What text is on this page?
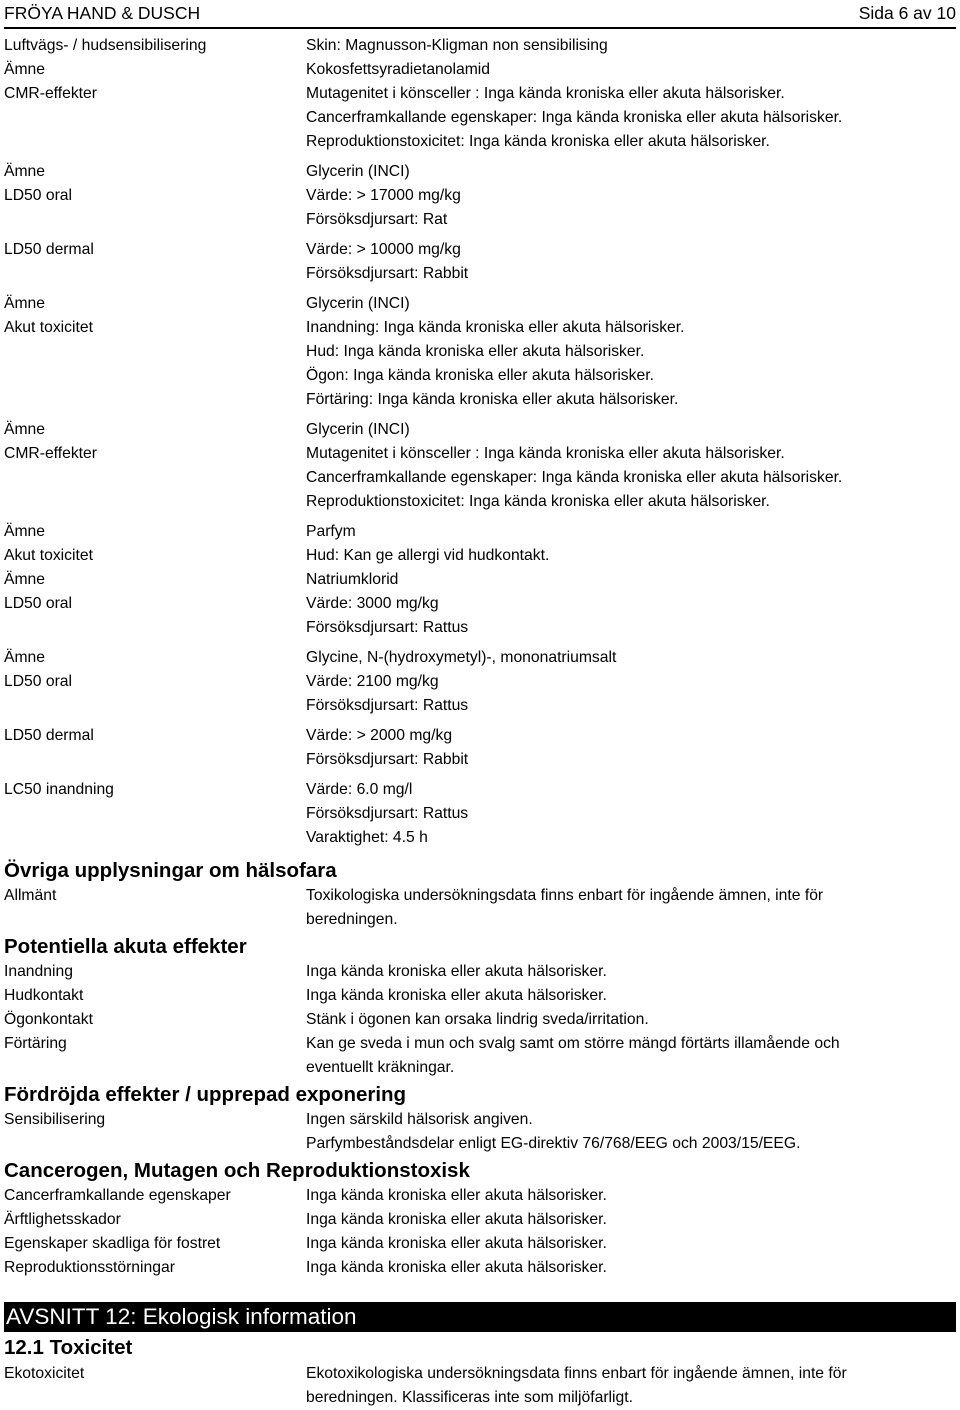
FRÖYA HAND & DUSCH	Sida 6 av 10
Luftvägs- / hudsensibilisering	Skin: Magnusson-Kligman non sensibilising
Ämne	Kokosfettsyradietanolamid
CMR-effekter	Mutagenitet i könsceller : Inga kända kroniska eller akuta hälsorisker.
Cancerframkallande egenskaper: Inga kända kroniska eller akuta hälsorisker.
Reproduktionstoxicitet: Inga kända kroniska eller akuta hälsorisker.
Ämne	Glycerin (INCI)
LD50 oral	Värde: > 17000 mg/kg
Försöksdjursart: Rat
LD50 dermal	Värde: > 10000 mg/kg
Försöksdjursart: Rabbit
Ämne	Glycerin (INCI)
Akut toxicitet	Inandning: Inga kända kroniska eller akuta hälsorisker.
Hud: Inga kända kroniska eller akuta hälsorisker.
Ögon: Inga kända kroniska eller akuta hälsorisker.
Förtäring: Inga kända kroniska eller akuta hälsorisker.
Ämne	Glycerin (INCI)
CMR-effekter	Mutagenitet i könsceller : Inga kända kroniska eller akuta hälsorisker.
Cancerframkallande egenskaper: Inga kända kroniska eller akuta hälsorisker.
Reproduktionstoxicitet: Inga kända kroniska eller akuta hälsorisker.
Ämne	Parfym
Akut toxicitet	Hud: Kan ge allergi vid hudkontakt.
Ämne	Natriumklorid
LD50 oral	Värde: 3000 mg/kg
Försöksdjursart: Rattus
Ämne	Glycine, N-(hydroxymetyl)-, mononatriumsalt
LD50 oral	Värde: 2100 mg/kg
Försöksdjursart: Rattus
LD50 dermal	Värde: > 2000 mg/kg
Försöksdjursart: Rabbit
LC50 inandning	Värde: 6.0 mg/l
Försöksdjursart: Rattus
Varaktighet: 4.5 h
Övriga upplysningar om hälsofara
Allmänt	Toxikologiska undersökningsdata finns enbart för ingående ämnen, inte för
beredningen.
Potentiella akuta effekter
Inandning	Inga kända kroniska eller akuta hälsorisker.
Hudkontakt	Inga kända kroniska eller akuta hälsorisker.
Ögonkontakt	Stänk i ögonen kan orsaka lindrig sveda/irritation.
Förtäring	Kan ge sveda i mun och svalg samt om större mängd förtärts illamående och
eventuellt kräkningar.
Fördröjda effekter / upprepad exponering
Sensibilisering	Ingen särskild hälsorisk angiven.
Parfymbeståndsdelar enligt EG-direktiv 76/768/EEG och 2003/15/EEG.
Cancerogen, Mutagen och Reproduktionstoxisk
Cancerframkallande egenskaper	Inga kända kroniska eller akuta hälsorisker.
Ärftlighetsskador	Inga kända kroniska eller akuta hälsorisker.
Egenskaper skadliga för fostret	Inga kända kroniska eller akuta hälsorisker.
Reproduktionsstörningar	Inga kända kroniska eller akuta hälsorisker.
AVSNITT 12: Ekologisk information
12.1 Toxicitet
Ekotoxicitet	Ekotoxikologiska undersökningsdata finns enbart för ingående ämnen, inte för
beredningen. Klassificeras inte som miljöfarligt.
